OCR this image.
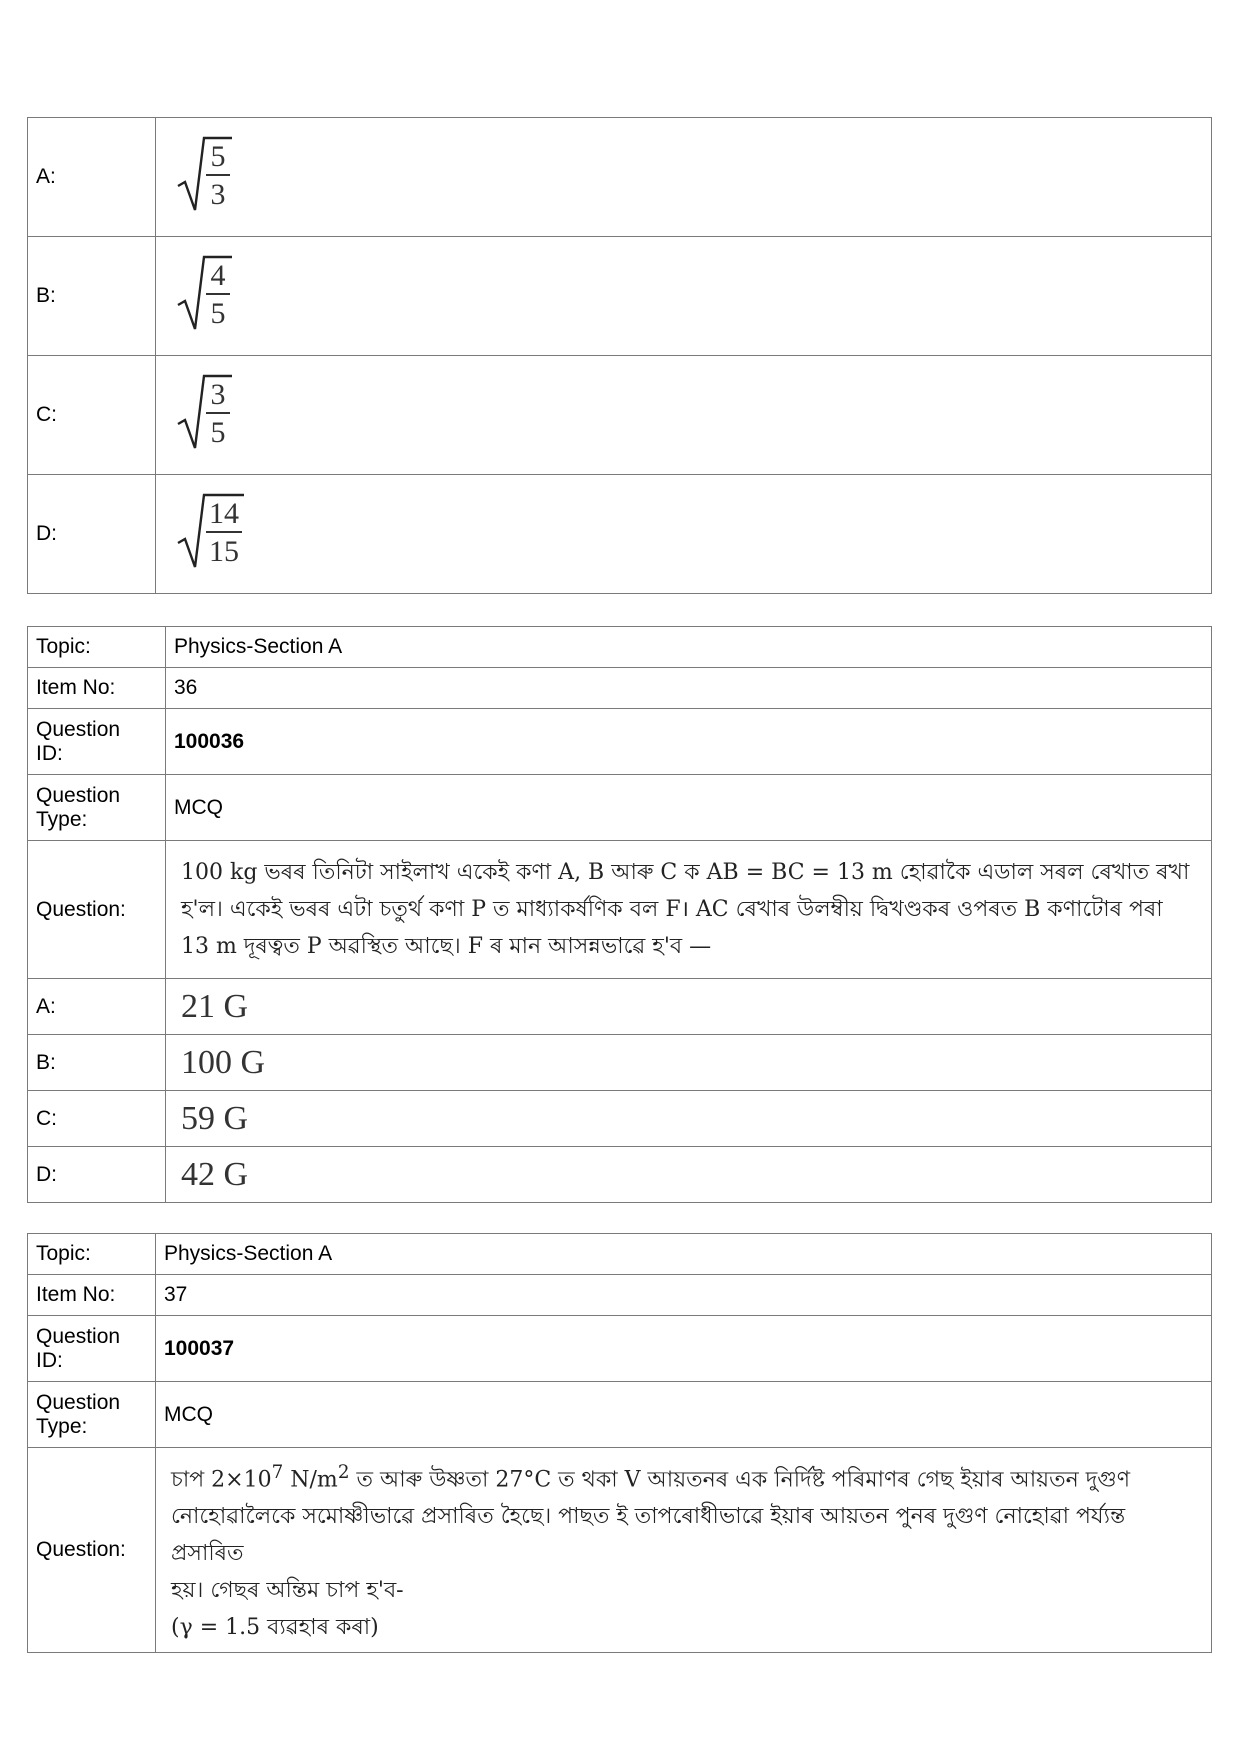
A:	5
3

B:	4
5

C:	3
5

D:	14
15
Topic:	Physics-Section A
Item No:	36
Question
ID:	100036
Question
Type:	MCQ
Question:	100 kg ভৰৰ তিনিটা সাইলাখ একেই কণা A, B আৰু C ক AB = BC = 13 m হোৱাকৈ এডাল সৰল ৰেখাত ৰখা
হ'ল। একেই ভৰৰ এটা চতুৰ্থ কণা P ত মাধ্যাকৰ্ষণিক বল F। AC ৰেখাৰ উলম্বীয় দ্বিখণ্ডকৰ ওপৰত B কণাটোৰ পৰা
13 m দূৰত্বত P অৱস্থিত আছে। F ৰ মান আসন্নভাৱে হ'ব —

A:	21 G
B:	100 G
C:	59 G
D:	42 G
Topic:	Physics-Section A
Item No:	37
Question
ID:	100037
Question
Type:	MCQ
Question:	চাপ $2\times 10^7$ $N/m^2$ ত আৰু উষ্ণতা 27°C ত থকা V আয়তনৰ এক নিৰ্দিষ্ট পৰিমাণৰ গেছ ইয়াৰ আয়তন দুগুণ
নোহোৱালৈকে সমোষ্ণীভাৱে প্ৰসাৰিত হৈছে। পাছত ই তাপৰোধীভাৱে ইয়াৰ আয়তন পুনৰ দুগুণ নোহোৱা পৰ্য্যন্ত প্ৰসাৰিত
হয়। গেছৰ অন্তিম চাপ হ'ব-
(γ = 1.5 ব্যৱহাৰ কৰা)
